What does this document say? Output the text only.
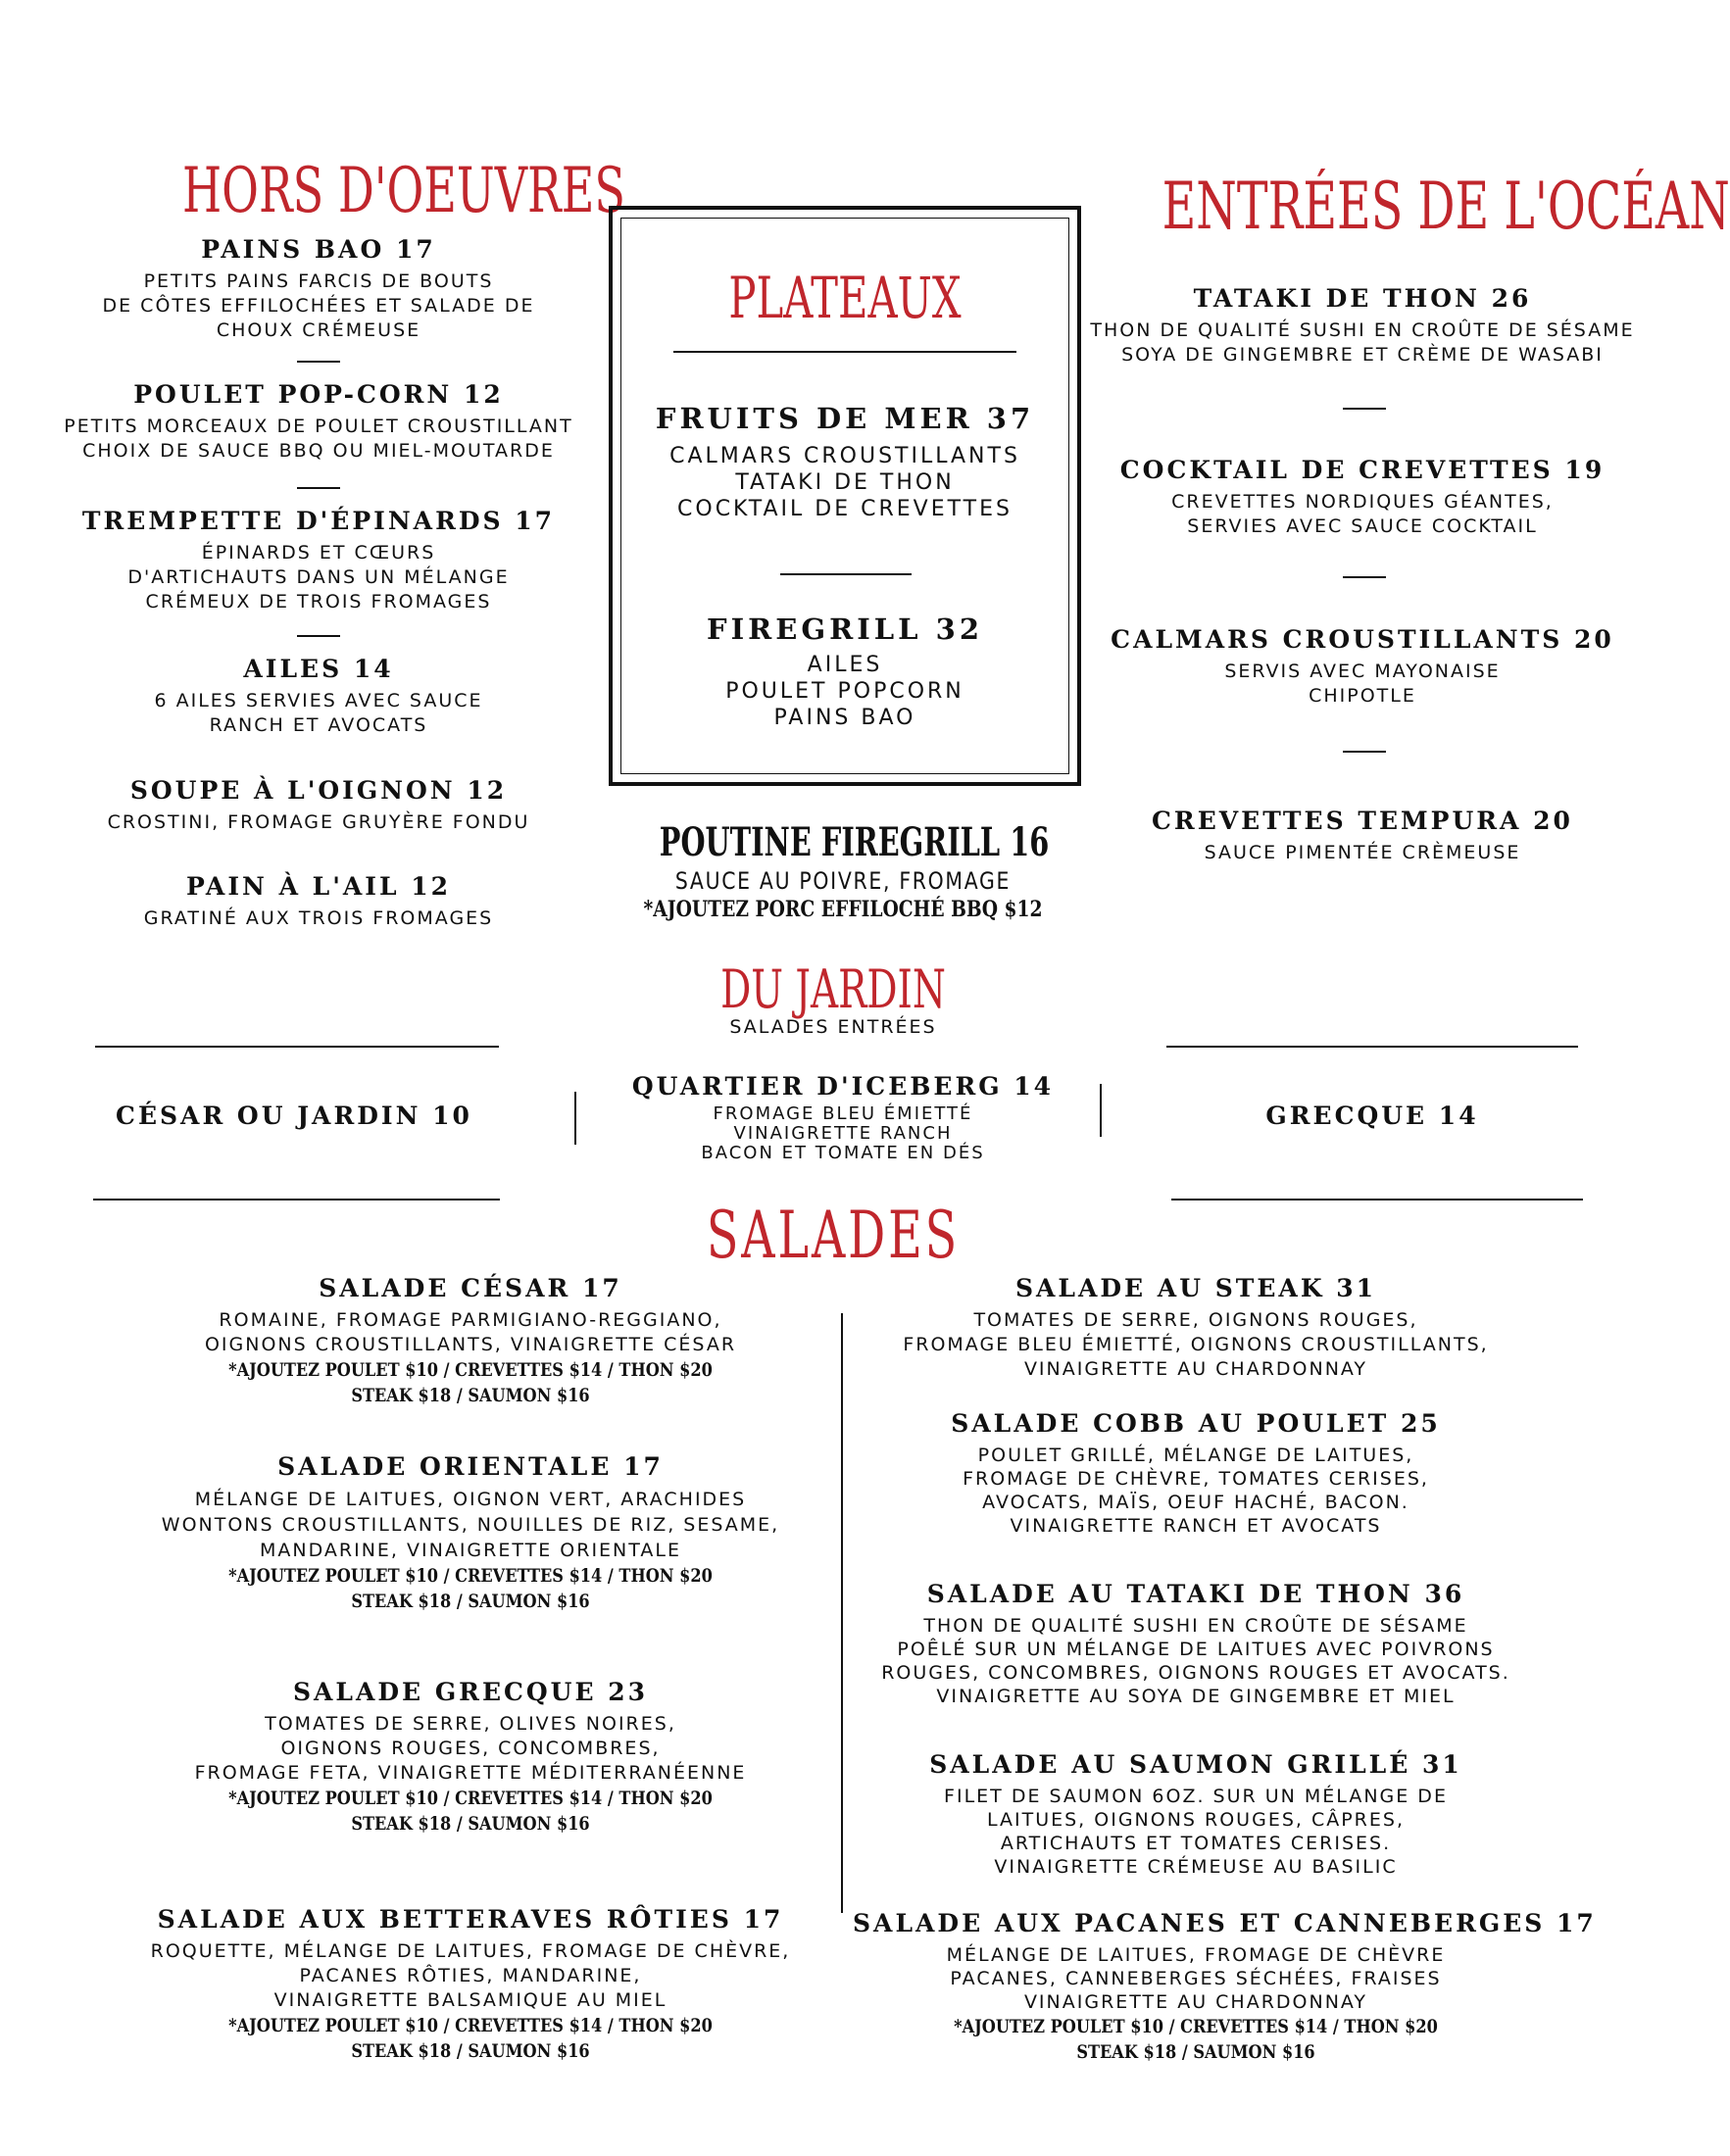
HORS D'OEUVRES
PAINS BAO 17
PETITS PAINS FARCIS DE BOUTS
DE CÔTES EFFILOCHÉES ET SALADE DE
CHOUX CRÉMEUSE
POULET POP-CORN 12
PETITS MORCEAUX DE POULET CROUSTILLANT
CHOIX DE SAUCE BBQ OU MIEL-MOUTARDE
TREMPETTE D'ÉPINARDS 17
ÉPINARDS ET CŒURS
D'ARTICHAUTS DANS UN MÉLANGE
CRÉMEUX DE TROIS FROMAGES
AILES 14
6 AILES SERVIES AVEC SAUCE
RANCH ET AVOCATS
SOUPE À L'OIGNON 12
CROSTINI, FROMAGE GRUYÈRE FONDU
PAIN À L'AIL 12
GRATINÉ AUX TROIS FROMAGES
PLATEAUX
FRUITS DE MER 37
CALMARS CROUSTILLANTS
TATAKI DE THON
COCKTAIL DE CREVETTES
FIREGRILL 32
AILES
POULET POPCORN
PAINS BAO
POUTINE FIREGRILL 16
SAUCE AU POIVRE, FROMAGE
*AJOUTEZ PORC EFFILOCHÉ BBQ $12
ENTRÉES DE L'OCÉAN
TATAKI DE THON 26
THON DE QUALITÉ SUSHI EN CROÛTE DE SÉSAME
SOYA DE GINGEMBRE ET CRÈME DE WASABI
COCKTAIL DE CREVETTES 19
CREVETTES NORDIQUES GÉANTES,
SERVIES AVEC SAUCE COCKTAIL
CALMARS CROUSTILLANTS 20
SERVIS AVEC MAYONAISE
CHIPOTLE
CREVETTES TEMPURA 20
SAUCE PIMENTÉE CRÈMEUSE
DU JARDIN
SALADES ENTRÉES
CÉSAR OU JARDIN 10
QUARTIER D'ICEBERG 14
FROMAGE BLEU ÉMIETTÉ
VINAIGRETTE RANCH
BACON ET TOMATE EN DÉS
GRECQUE 14
SALADES
SALADE CÉSAR 17
ROMAINE, FROMAGE PARMIGIANO-REGGIANO,
OIGNONS CROUSTILLANTS, VINAIGRETTE CÉSAR
*AJOUTEZ POULET $10 / CREVETTES $14 / THON $20
STEAK $18 / SAUMON $16
SALADE ORIENTALE 17
MÉLANGE DE LAITUES, OIGNON VERT, ARACHIDES
WONTONS CROUSTILLANTS, NOUILLES DE RIZ, SESAME,
MANDARINE, VINAIGRETTE ORIENTALE
*AJOUTEZ POULET $10 / CREVETTES $14 / THON $20
STEAK $18 / SAUMON $16
SALADE GRECQUE 23
TOMATES DE SERRE, OLIVES NOIRES,
OIGNONS ROUGES, CONCOMBRES,
FROMAGE FETA, VINAIGRETTE MÉDITERRANÉENNE
*AJOUTEZ POULET $10 / CREVETTES $14 / THON $20
STEAK $18 / SAUMON $16
SALADE AUX BETTERAVES RÔTIES 17
ROQUETTE, MÉLANGE DE LAITUES, FROMAGE DE CHÈVRE,
PACANES RÔTIES, MANDARINE,
VINAIGRETTE BALSAMIQUE AU MIEL
*AJOUTEZ POULET $10 / CREVETTES $14 / THON $20
STEAK $18 / SAUMON $16
SALADE AU STEAK 31
TOMATES DE SERRE, OIGNONS ROUGES,
FROMAGE BLEU ÉMIETTÉ, OIGNONS CROUSTILLANTS,
VINAIGRETTE AU CHARDONNAY
SALADE COBB AU POULET 25
POULET GRILLÉ, MÉLANGE DE LAITUES,
FROMAGE DE CHÈVRE, TOMATES CERISES,
AVOCATS, MAÏS, OEUF HACHÉ, BACON.
VINAIGRETTE RANCH ET AVOCATS
SALADE AU TATAKI DE THON 36
THON DE QUALITÉ SUSHI EN CROÛTE DE SÉSAME
POÊLÉ SUR UN MÉLANGE DE LAITUES AVEC POIVRONS
ROUGES, CONCOMBRES, OIGNONS ROUGES ET AVOCATS.
VINAIGRETTE AU SOYA DE GINGEMBRE ET MIEL
SALADE AU SAUMON GRILLÉ 31
FILET DE SAUMON 6OZ. SUR UN MÉLANGE DE
LAITUES, OIGNONS ROUGES, CÂPRES,
ARTICHAUTS ET TOMATES CERISES.
VINAIGRETTE CRÉMEUSE AU BASILIC
SALADE AUX PACANES ET CANNEBERGES 17
MÉLANGE DE LAITUES, FROMAGE DE CHÈVRE
PACANES, CANNEBERGES SÉCHÉES, FRAISES
VINAIGRETTE AU CHARDONNAY
*AJOUTEZ POULET $10 / CREVETTES $14 / THON $20
STEAK $18 / SAUMON $16
